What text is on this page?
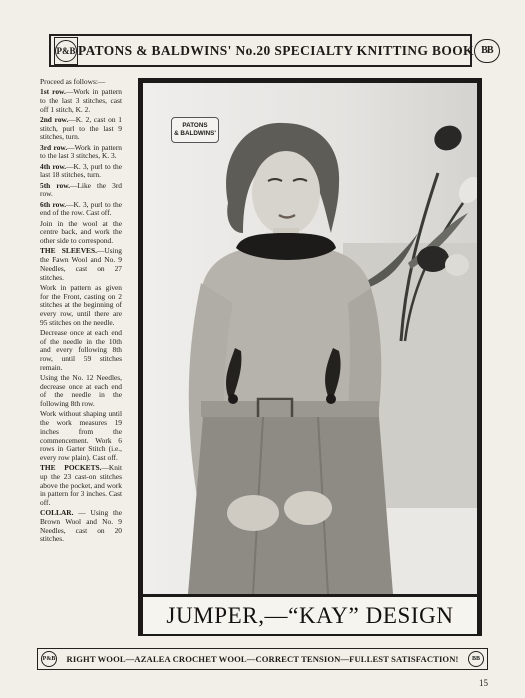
P&B PATONS & BALDWINS' No.20 SPECIALTY KNITTING BOOK BB

Proceed as follows:—

1st row.—Work in pattern to the last 3 stitches, cast off 1 stitch, K. 2.

2nd row.—K. 2, cast on 1 stitch, purl to the last 9 stitches, turn.

3rd row.—Work in pattern to the last 3 stitches, K. 3.

4th row.—K. 3, purl to the last 18 stitches, turn.

5th row.—Like the 3rd row.

6th row.—K. 3, purl to the end of the row. Cast off.

Join in the wool at the centre back, and work the other side to correspond.

THE SLEEVES.—Using the Fawn Wool and No. 9 Needles, cast on 27 stitches.

Work in pattern as given for the Front, casting on 2 stitches at the beginning of every row, until there are 95 stitches on the needle.

Decrease once at each end of the needle in the 10th and every following 8th row, until 59 stitches remain.

Using the No. 12 Needles, decrease once at each end of the needle in the following 8th row.

Work without shaping until the work measures 19 inches from the commencement. Work 6 rows in Garter Stitch (i.e., every row plain). Cast off.

THE POCKETS.—Knit up the 23 cast-on stitches above the pocket, and work in pattern for 3 inches. Cast off.

COLLAR. — Using the Brown Wool and No. 9 Needles, cast on 20 stitches.

PATONS
& BALDWINS'
JUMPER,—“KAY” DESIGN
P&B RIGHT WOOL—AZALEA CROCHET WOOL—CORRECT TENSION—FULLEST SATISFACTION!	BB
15
